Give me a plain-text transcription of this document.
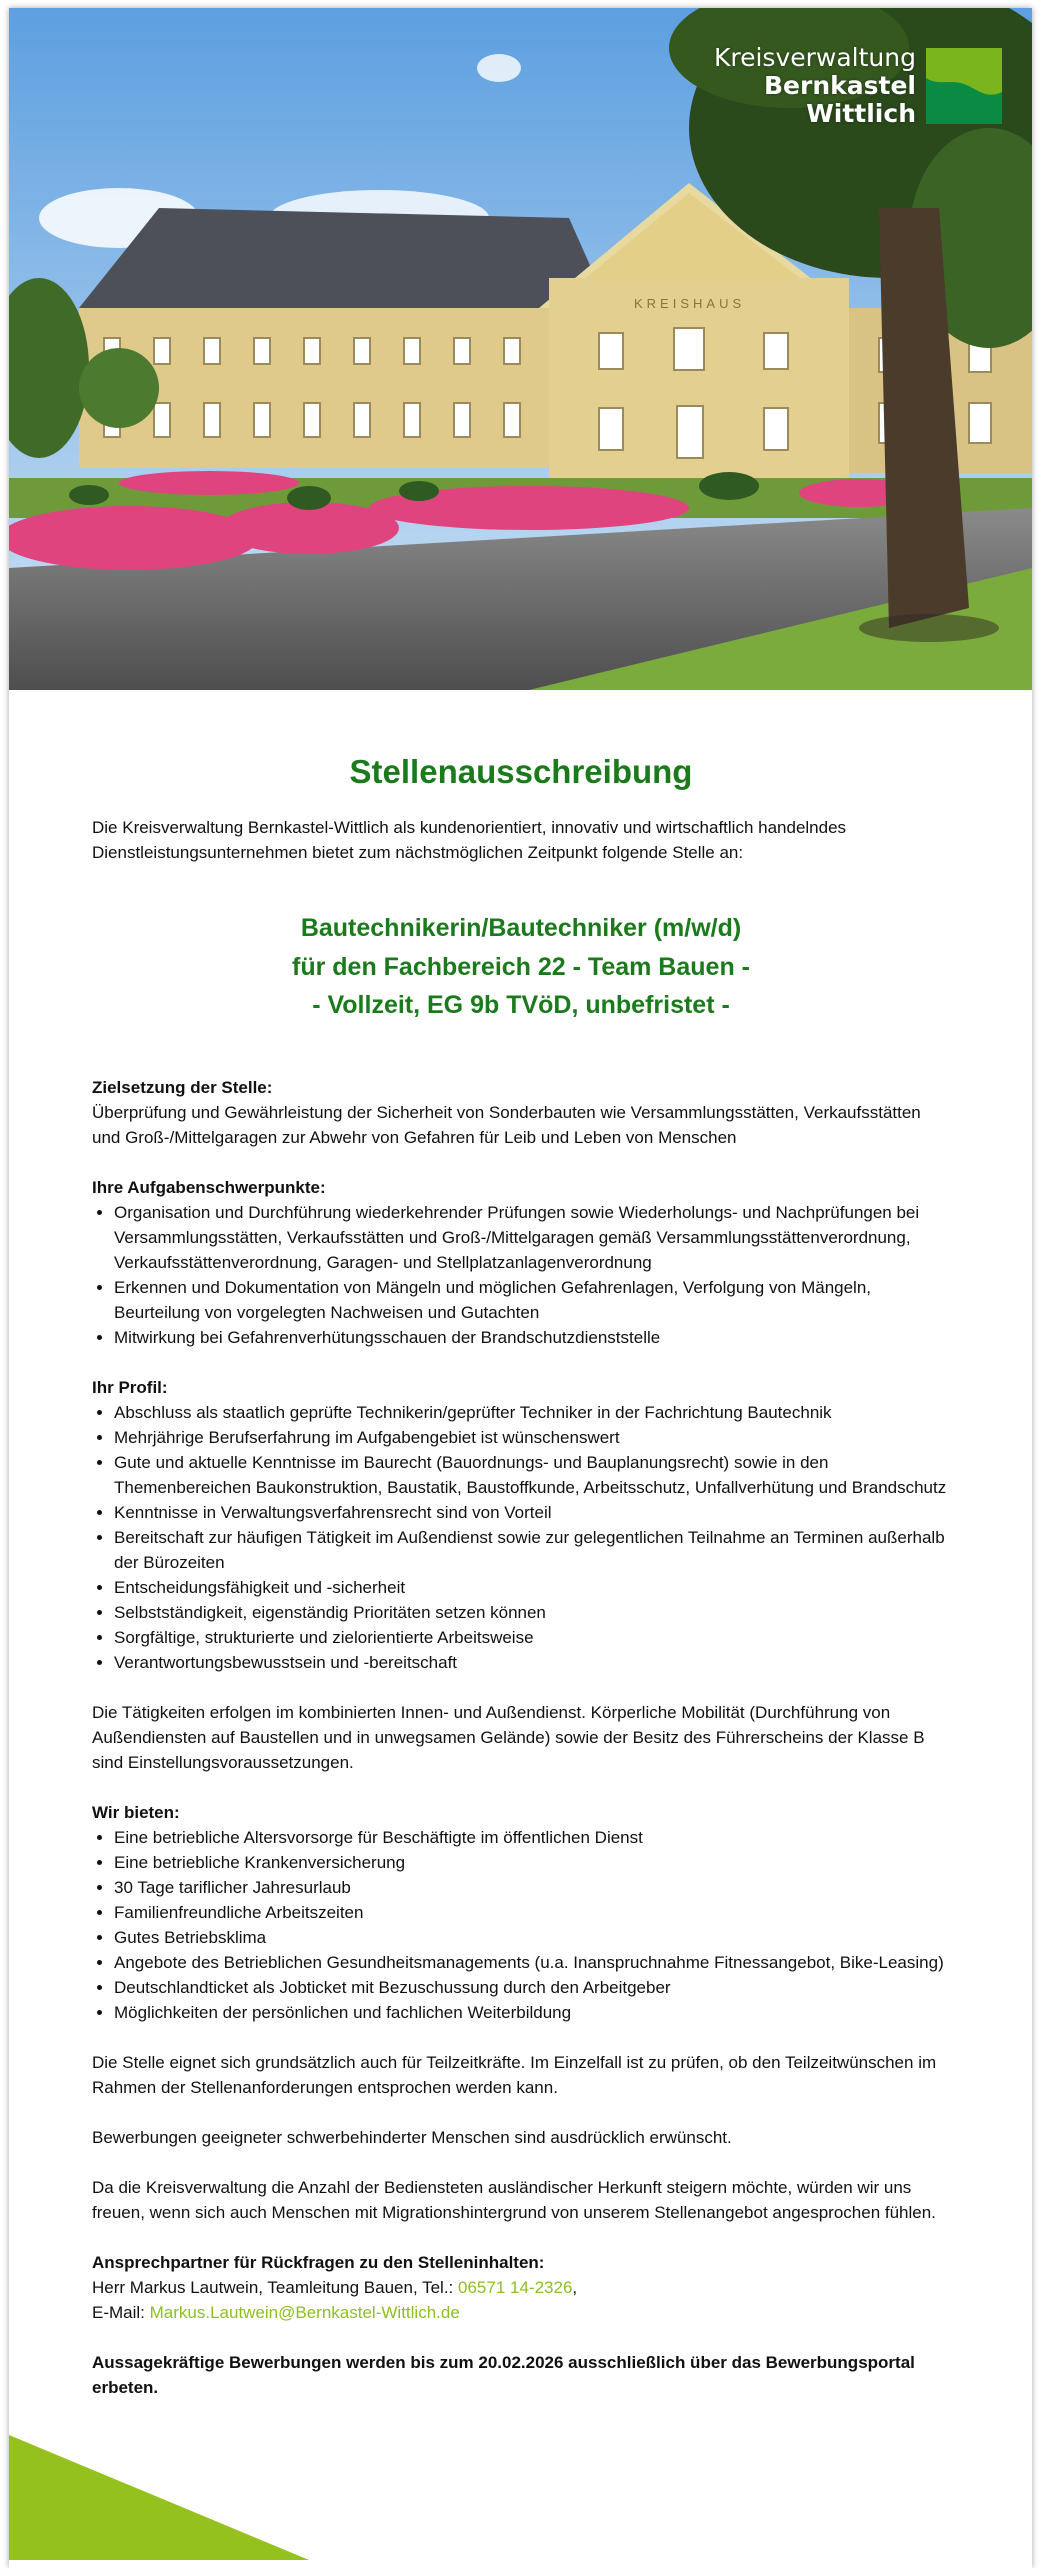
KREISHAUS
Kreisverwaltung
Bernkastel
Wittlich
Stellenausschreibung

Die Kreisverwaltung Bernkastel-Wittlich als kundenorientiert, innovativ und wirtschaftlich handelndes Dienstleistungsunternehmen bietet zum nächstmöglichen Zeitpunkt folgende Stelle an:

Bautechnikerin/Bautechniker (m/w/d)
für den Fachbereich 22 - Team Bauen -
- Vollzeit, EG 9b TVöD, unbefristet -
Zielsetzung der Stelle:

Überprüfung und Gewährleistung der Sicherheit von Sonderbauten wie Versammlungsstätten, Verkaufsstätten und Groß-/Mittelgaragen zur Abwehr von Gefahren für Leib und Leben von Menschen

Ihre Aufgabenschwerpunkte:
• Organisation und Durchführung wiederkehrender Prüfungen sowie Wiederholungs- und Nachprüfungen bei Versammlungsstätten, Verkaufsstätten und Groß-/Mittelgaragen gemäß Versammlungsstättenverordnung, Verkaufsstättenverordnung, Garagen- und Stellplatzanlagenverordnung
• Erkennen und Dokumentation von Mängeln und möglichen Gefahrenlagen, Verfolgung von Mängeln, Beurteilung von vorgelegten Nachweisen und Gutachten
• Mitwirkung bei Gefahrenverhütungsschauen der Brandschutzdienststelle
Ihr Profil:
• Abschluss als staatlich geprüfte Technikerin/geprüfter Techniker in der Fachrichtung Bautechnik
• Mehrjährige Berufserfahrung im Aufgabengebiet ist wünschenswert
• Gute und aktuelle Kenntnisse im Baurecht (Bauordnungs- und Bauplanungsrecht) sowie in den Themenbereichen Baukonstruktion, Baustatik, Baustoffkunde, Arbeitsschutz, Unfallverhütung und Brandschutz
• Kenntnisse in Verwaltungsverfahrensrecht sind von Vorteil
• Bereitschaft zur häufigen Tätigkeit im Außendienst sowie zur gelegentlichen Teilnahme an Terminen außerhalb der Bürozeiten
• Entscheidungsfähigkeit und -sicherheit
• Selbstständigkeit, eigenständig Prioritäten setzen können
• Sorgfältige, strukturierte und zielorientierte Arbeitsweise
• Verantwortungsbewusstsein und -bereitschaft

Die Tätigkeiten erfolgen im kombinierten Innen- und Außendienst. Körperliche Mobilität (Durchführung von Außendiensten auf Baustellen und in unwegsamen Gelände) sowie der Besitz des Führerscheins der Klasse B sind Einstellungsvoraussetzungen.

Wir bieten:
• Eine betriebliche Altersvorsorge für Beschäftigte im öffentlichen Dienst
• Eine betriebliche Krankenversicherung
• 30 Tage tariflicher Jahresurlaub
• Familienfreundliche Arbeitszeiten
• Gutes Betriebsklima
• Angebote des Betrieblichen Gesundheitsmanagements (u.a. Inanspruchnahme Fitnessangebot, Bike-Leasing)
• Deutschlandticket als Jobticket mit Bezuschussung durch den Arbeitgeber
• Möglichkeiten der persönlichen und fachlichen Weiterbildung

Die Stelle eignet sich grundsätzlich auch für Teilzeitkräfte. Im Einzelfall ist zu prüfen, ob den Teilzeitwünschen im Rahmen der Stellenanforderungen entsprochen werden kann.

Bewerbungen geeigneter schwerbehinderter Menschen sind ausdrücklich erwünscht.

Da die Kreisverwaltung die Anzahl der Bediensteten ausländischer Herkunft steigern möchte, würden wir uns freuen, wenn sich auch Menschen mit Migrationshintergrund von unserem Stellenangebot angesprochen fühlen.

Ansprechpartner für Rückfragen zu den Stelleninhalten:

Herr Markus Lautwein, Teamleitung Bauen, Tel.: 06571 14-2326,

E-Mail: Markus.Lautwein@Bernkastel-Wittlich.de

Aussagekräftige Bewerbungen werden bis zum 20.02.2026 ausschließlich über das Bewerbungsportal erbeten.
